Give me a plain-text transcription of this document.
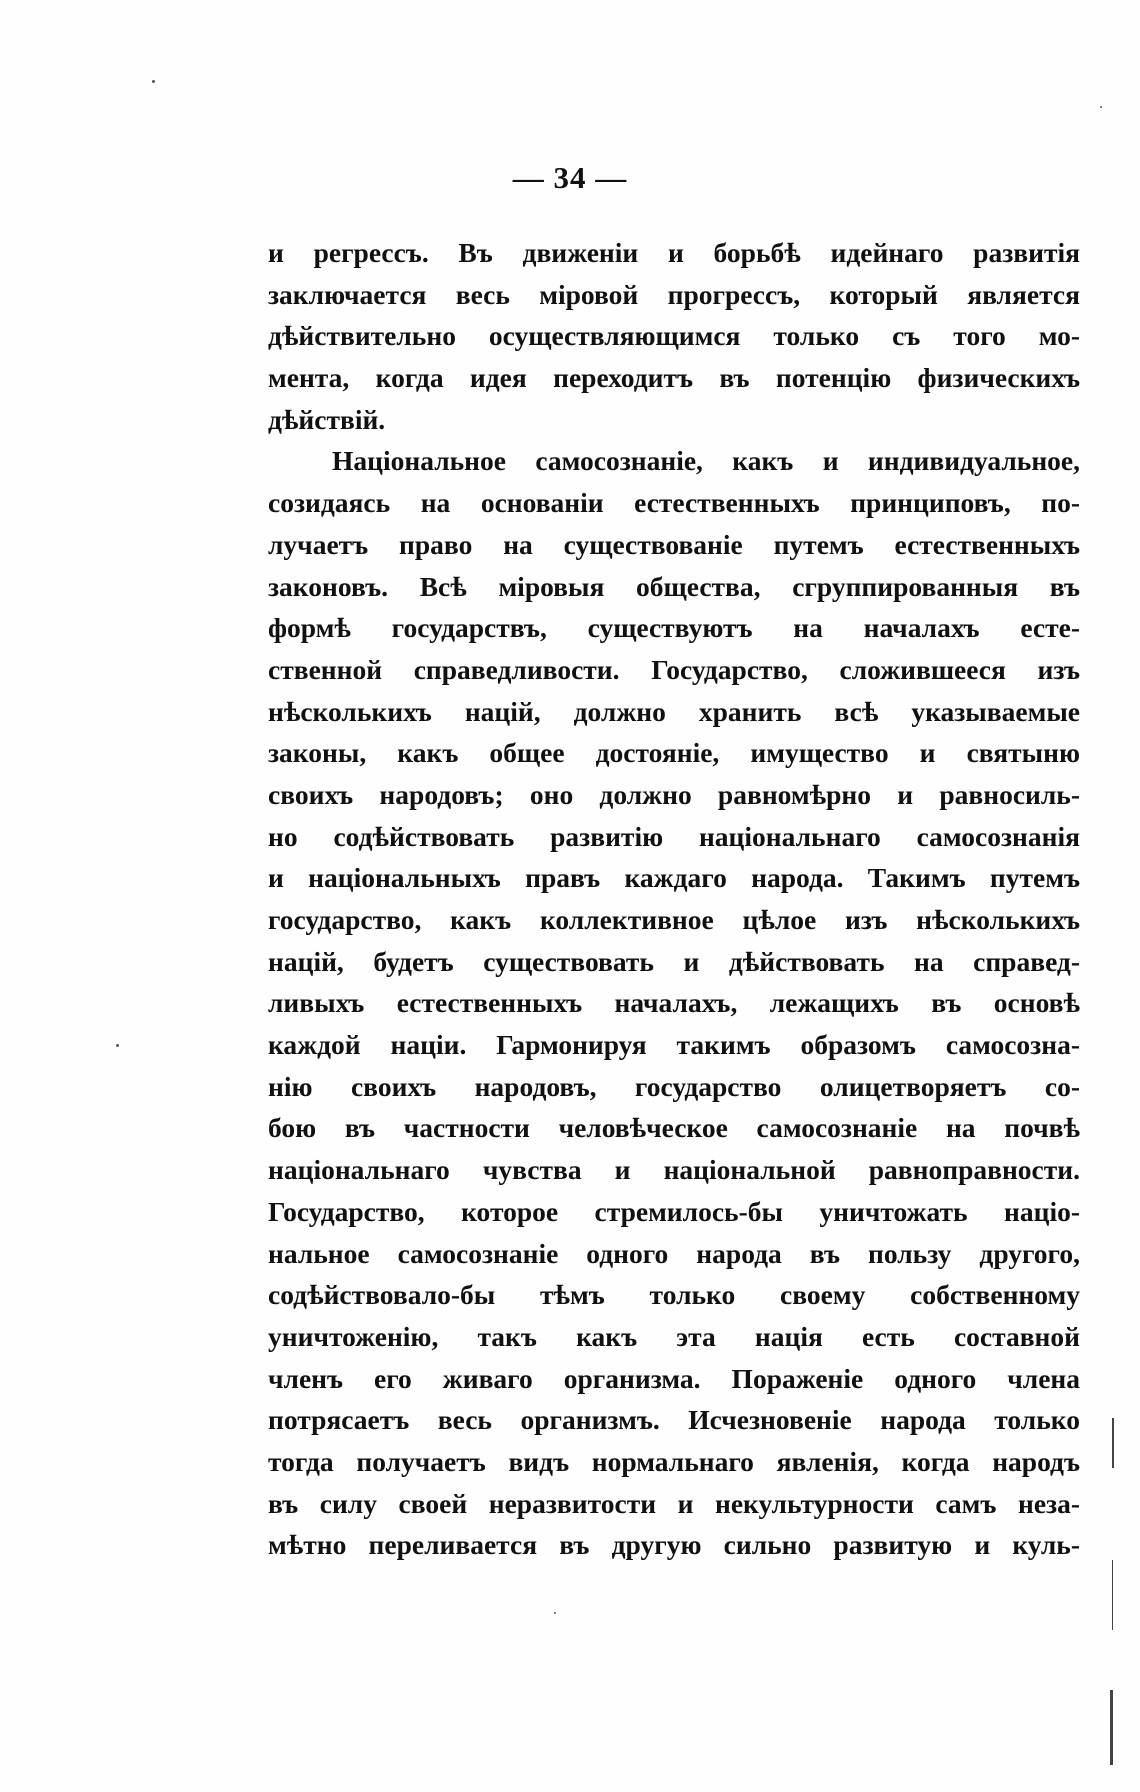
— 34 —
и регрессъ. Въ движеніи и борьбѣ идейнаго развитія
заключается весь міровой прогрессъ, который является
дѣйствительно осуществляющимся только съ того мо-
мента, когда идея переходитъ въ потенцію физическихъ
дѣйствій.
Національное самосознаніе, какъ и индивидуальное,
созидаясь на основаніи естественныхъ принциповъ, по-
лучаетъ право на существованіе путемъ естественныхъ
законовъ. Всѣ міровыя общества, сгруппированныя въ
формѣ государствъ, существуютъ на началахъ есте-
ственной справедливости. Государство, сложившееся изъ
нѣсколькихъ націй, должно хранить всѣ указываемые
законы, какъ общее достояніе, имущество и святыню
своихъ народовъ; оно должно равномѣрно и равносиль-
но содѣйствовать развитію національнаго самосознанія
и національныхъ правъ каждаго народа. Такимъ путемъ
государство, какъ коллективное цѣлое изъ нѣсколькихъ
націй, будетъ существовать и дѣйствовать на справед-
ливыхъ естественныхъ началахъ, лежащихъ въ основѣ
каждой націи. Гармонируя такимъ образомъ самосозна-
нію своихъ народовъ, государство олицетворяетъ со-
бою въ частности человѣческое самосознаніе на почвѣ
національнаго чувства и національной равноправности.
Государство, которое стремилось-бы уничтожать націо-
нальное самосознаніе одного народа въ пользу другого,
содѣйствовало-бы тѣмъ только своему собственному
уничтоженію, такъ какъ эта нація есть составной
членъ его живаго организма. Пораженіе одного члена
потрясаетъ весь организмъ. Исчезновеніе народа только
тогда получаетъ видъ нормальнаго явленія, когда народъ
въ силу своей неразвитости и некультурности самъ неза-
мѣтно переливается въ другую сильно развитую и куль-
